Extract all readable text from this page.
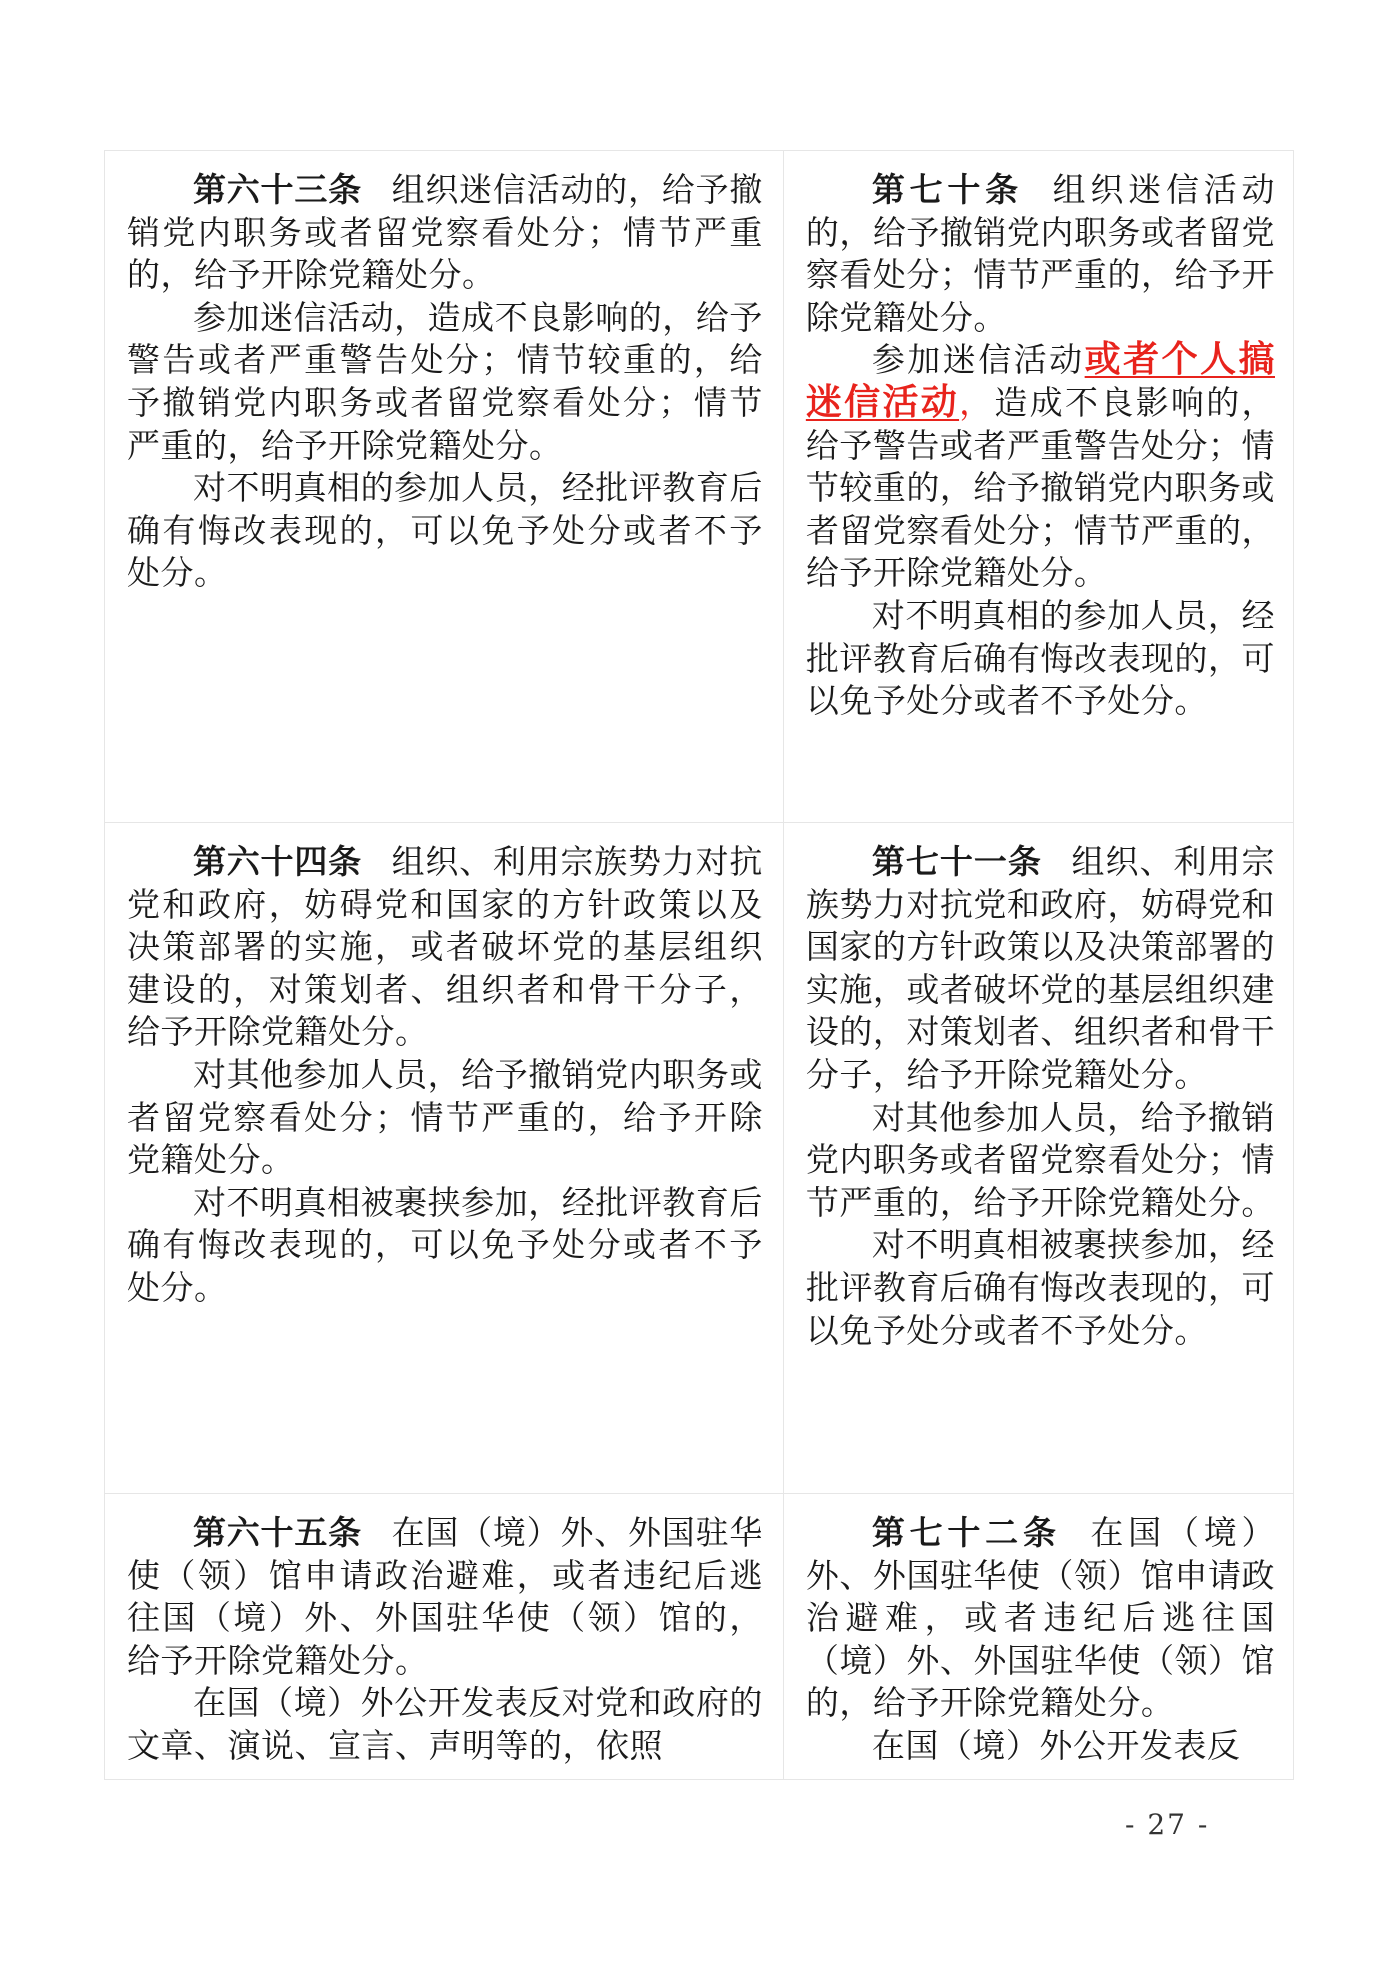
第六十三条 组织迷信活动的，给予撤销党内职务或者留党察看处分；情节严重的，给予开除党籍处分。

参加迷信活动，造成不良影响的，给予警告或者严重警告处分；情节较重的，给予撤销党内职务或者留党察看处分；情节严重的，给予开除党籍处分。

对不明真相的参加人员，经批评教育后确有悔改表现的，可以免予处分或者不予处分。

第七十条 组织迷信活动的，给予撤销党内职务或者留党察看处分；情节严重的，给予开除党籍处分。

参加迷信活动或者个人搞迷信活动，造成不良影响的，给予警告或者严重警告处分；情节较重的，给予撤销党内职务或者留党察看处分；情节严重的，给予开除党籍处分。

对不明真相的参加人员，经批评教育后确有悔改表现的，可以免予处分或者不予处分。

第六十四条 组织、利用宗族势力对抗党和政府，妨碍党和国家的方针政策以及决策部署的实施，或者破坏党的基层组织建设的，对策划者、组织者和骨干分子，给予开除党籍处分。

对其他参加人员，给予撤销党内职务或者留党察看处分；情节严重的，给予开除党籍处分。

对不明真相被裹挟参加，经批评教育后确有悔改表现的，可以免予处分或者不予处分。

第七十一条 组织、利用宗族势力对抗党和政府，妨碍党和国家的方针政策以及决策部署的实施，或者破坏党的基层组织建设的，对策划者、组织者和骨干分子，给予开除党籍处分。

对其他参加人员，给予撤销党内职务或者留党察看处分；情节严重的，给予开除党籍处分。

对不明真相被裹挟参加，经批评教育后确有悔改表现的，可以免予处分或者不予处分。

第六十五条 在国（境）外、外国驻华使（领）馆申请政治避难，或者违纪后逃往国（境）外、外国驻华使（领）馆的，给予开除党籍处分。

在国（境）外公开发表反对党和政府的文章、演说、宣言、声明等的，依照

第七十二条 在国（境）外、外国驻华使（领）馆申请政治避难，或者违纪后逃往国（境）外、外国驻华使（领）馆的，给予开除党籍处分。

在国（境）外公开发表反

- 27 -
